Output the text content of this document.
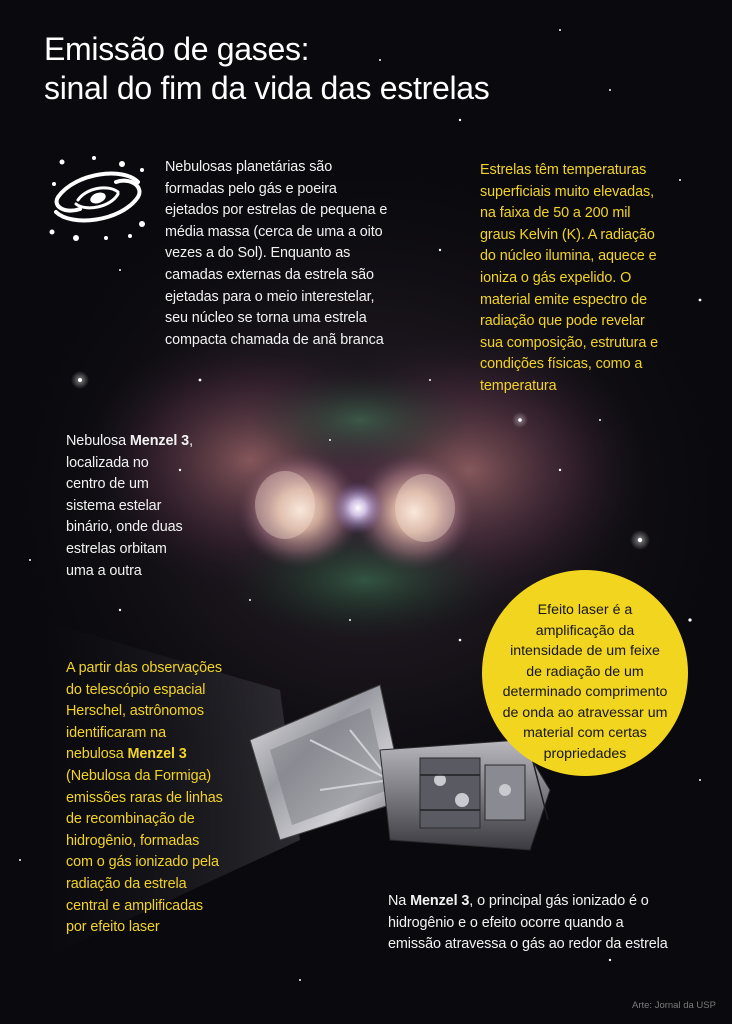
Emissão de gases:
sinal do fim da vida das estrelas
Nebulosas planetárias são
formadas pelo gás e poeira
ejetados por estrelas de pequena e
média massa (cerca de uma a oito
vezes a do Sol). Enquanto as
camadas externas da estrela são
ejetadas para o meio interestelar,
seu núcleo se torna uma estrela
compacta chamada de anã branca
Estrelas têm temperaturas
superficiais muito elevadas,
na faixa de 50 a 200 mil
graus Kelvin (K). A radiação
do núcleo ilumina, aquece e
ioniza o gás expelido. O
material emite espectro de
radiação que pode revelar
sua composição, estrutura e
condições físicas, como a
temperatura
Nebulosa Menzel 3,
localizada no
centro de um
sistema estelar
binário, onde duas
estrelas orbitam
uma a outra
A partir das observações
do telescópio espacial
Herschel, astrônomos
identificaram na
nebulosa Menzel 3
(Nebulosa da Formiga)
emissões raras de linhas
de recombinação de
hidrogênio, formadas
com o gás ionizado pela
radiação da estrela
central e amplificadas
por efeito laser
Efeito laser é a
amplificação da
intensidade de um feixe
de radiação de um
determinado comprimento
de onda ao atravessar um
material com certas
propriedades
Na Menzel 3, o principal gás ionizado é o
hidrogênio e o efeito ocorre quando a
emissão atravessa o gás ao redor da estrela
Arte: Jornal da USP
